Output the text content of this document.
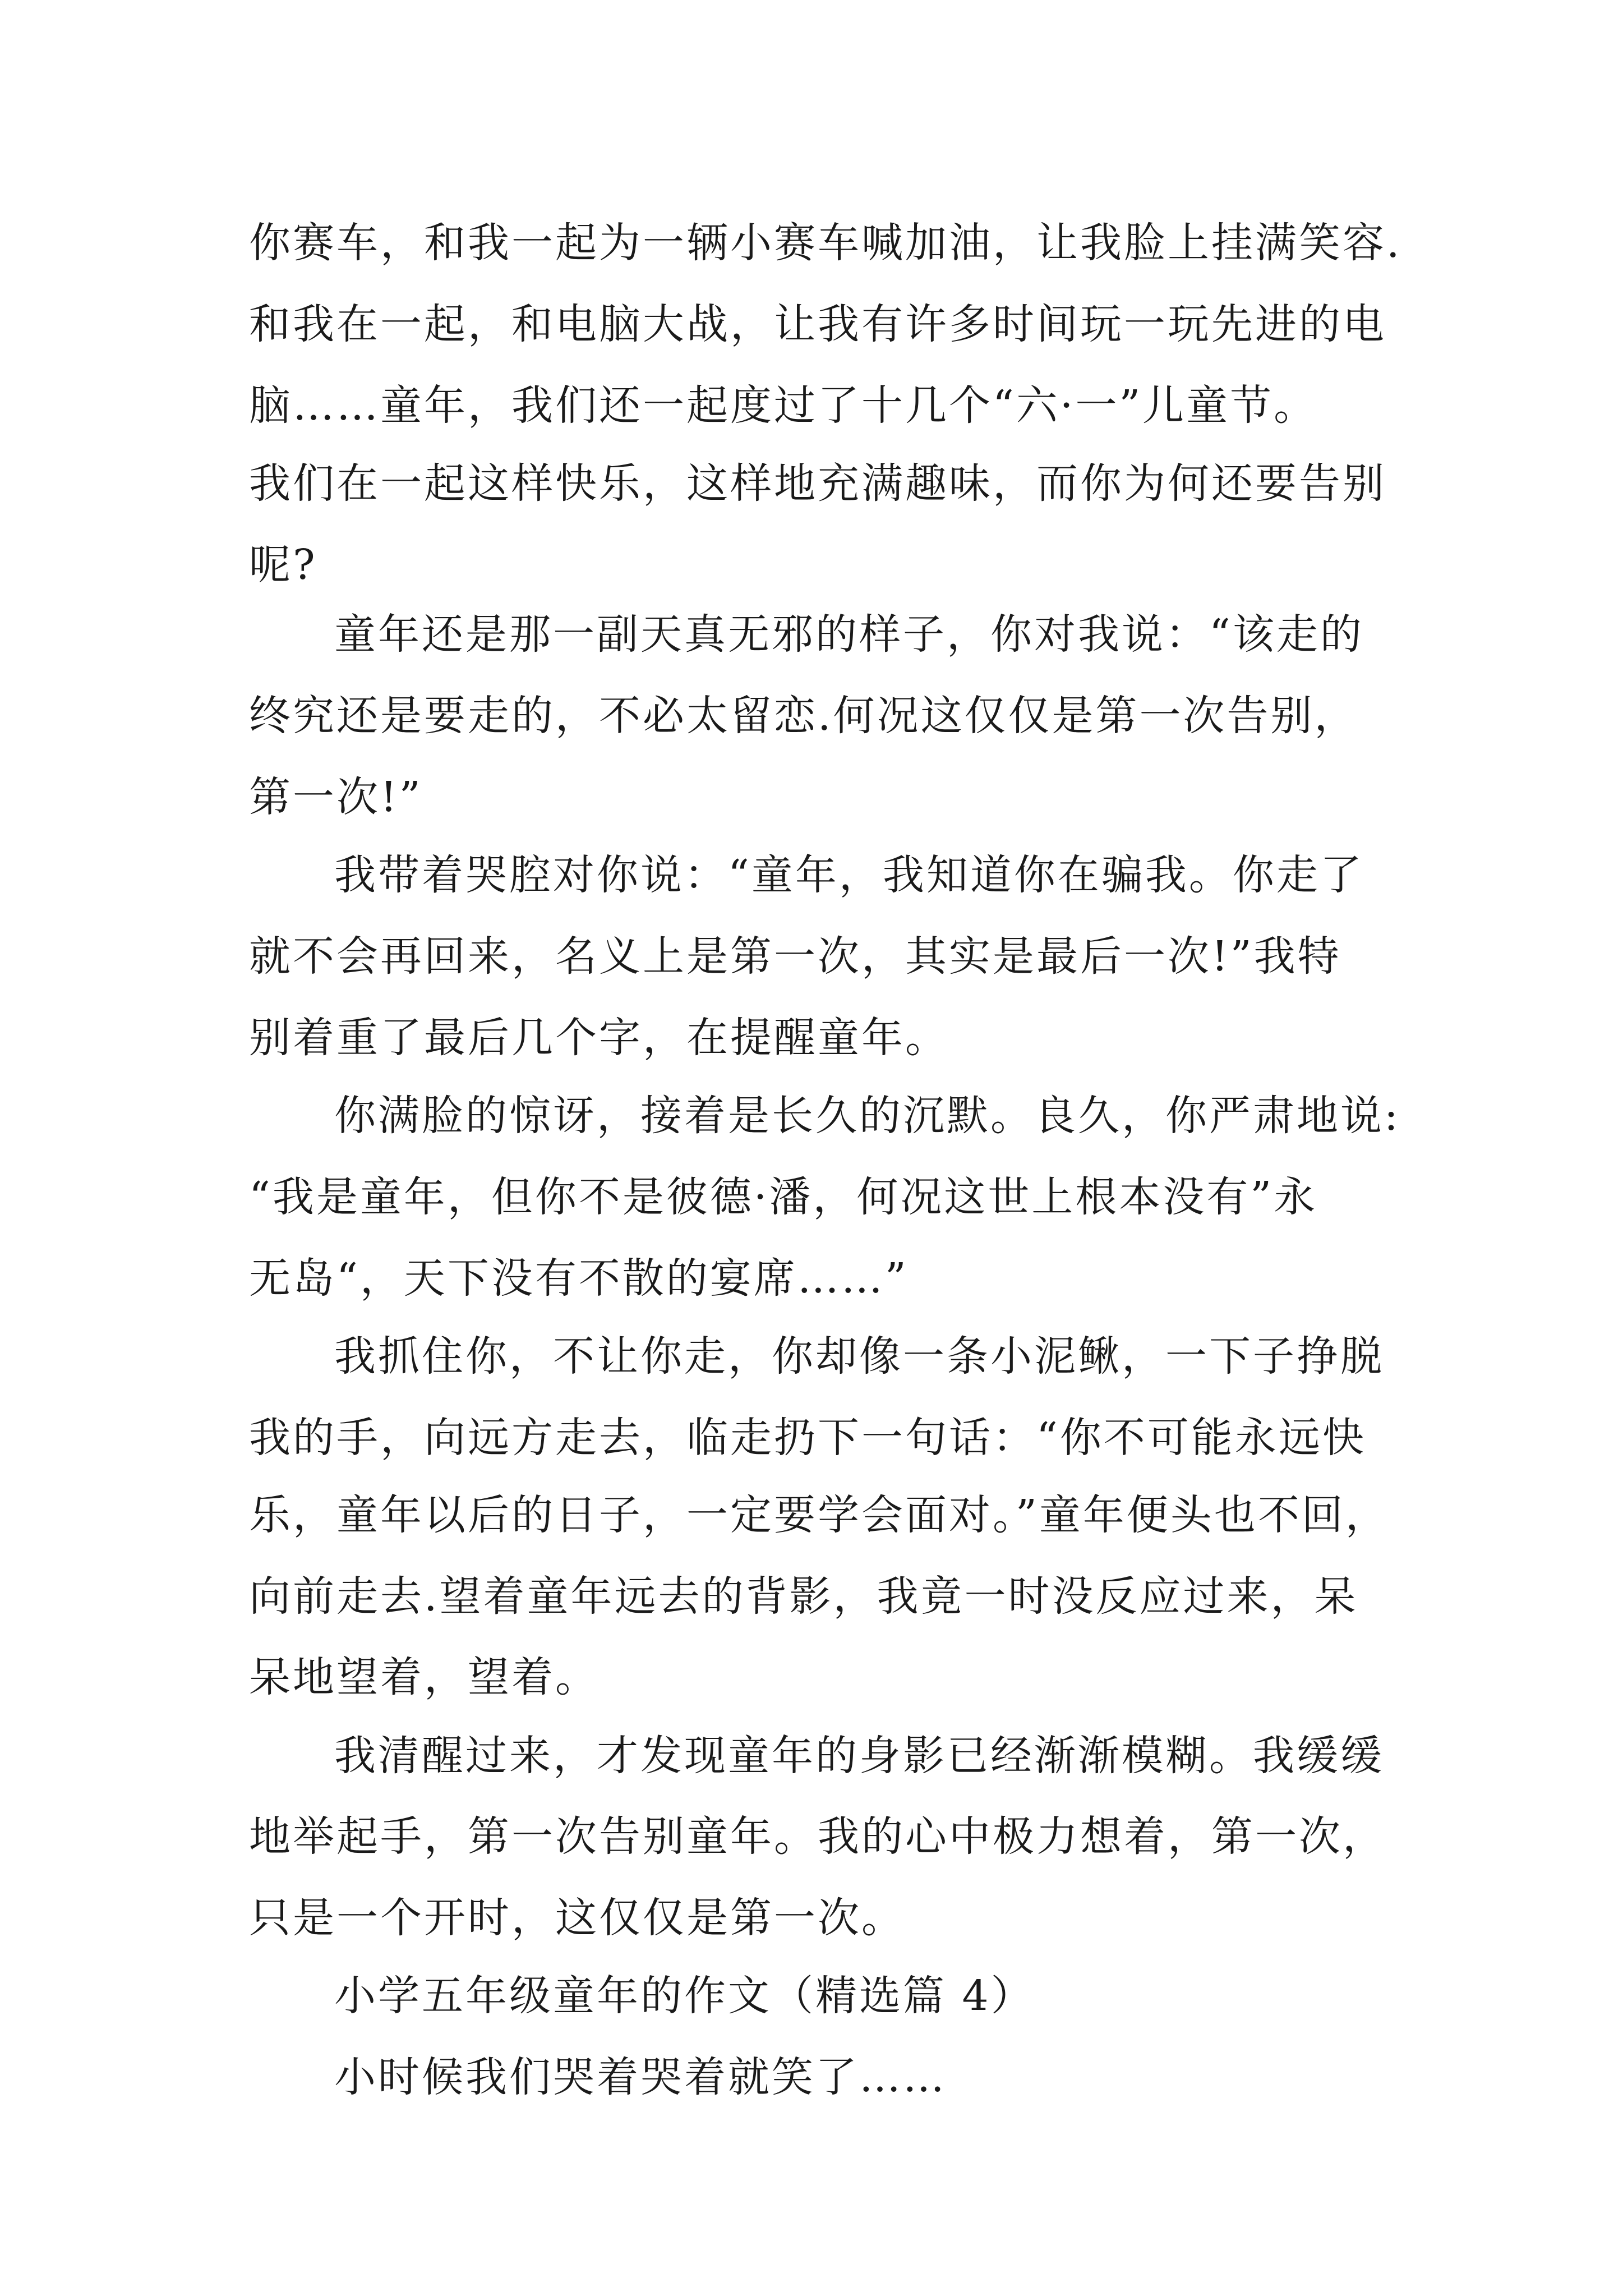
你赛车，和我一起为一辆小赛车喊加油，让我脸上挂满笑容.

和我在一起，和电脑大战，让我有许多时间玩一玩先进的电

脑……童年，我们还一起度过了十几个“六·一”儿童节。

我们在一起这样快乐，这样地充满趣味，而你为何还要告别

呢?

童年还是那一副天真无邪的样子，你对我说：“该走的

终究还是要走的，不必太留恋.何况这仅仅是第一次告别，

第一次!”

我带着哭腔对你说：“童年，我知道你在骗我。你走了

就不会再回来，名义上是第一次，其实是最后一次!”我特

别着重了最后几个字，在提醒童年。

你满脸的惊讶，接着是长久的沉默。良久，你严肃地说:

“我是童年，但你不是彼德·潘，何况这世上根本没有”永

无岛“，天下没有不散的宴席……”

我抓住你，不让你走，你却像一条小泥鳅，一下子挣脱

我的手，向远方走去，临走扔下一句话：“你不可能永远快

乐，童年以后的日子，一定要学会面对。”童年便头也不回，

向前走去.望着童年远去的背影，我竟一时没反应过来，呆

呆地望着，望着。

我清醒过来，才发现童年的身影已经渐渐模糊。我缓缓

地举起手，第一次告别童年。我的心中极力想着，第一次，

只是一个开时，这仅仅是第一次。

小学五年级童年的作文（精选篇 4）

小时候我们哭着哭着就笑了……
